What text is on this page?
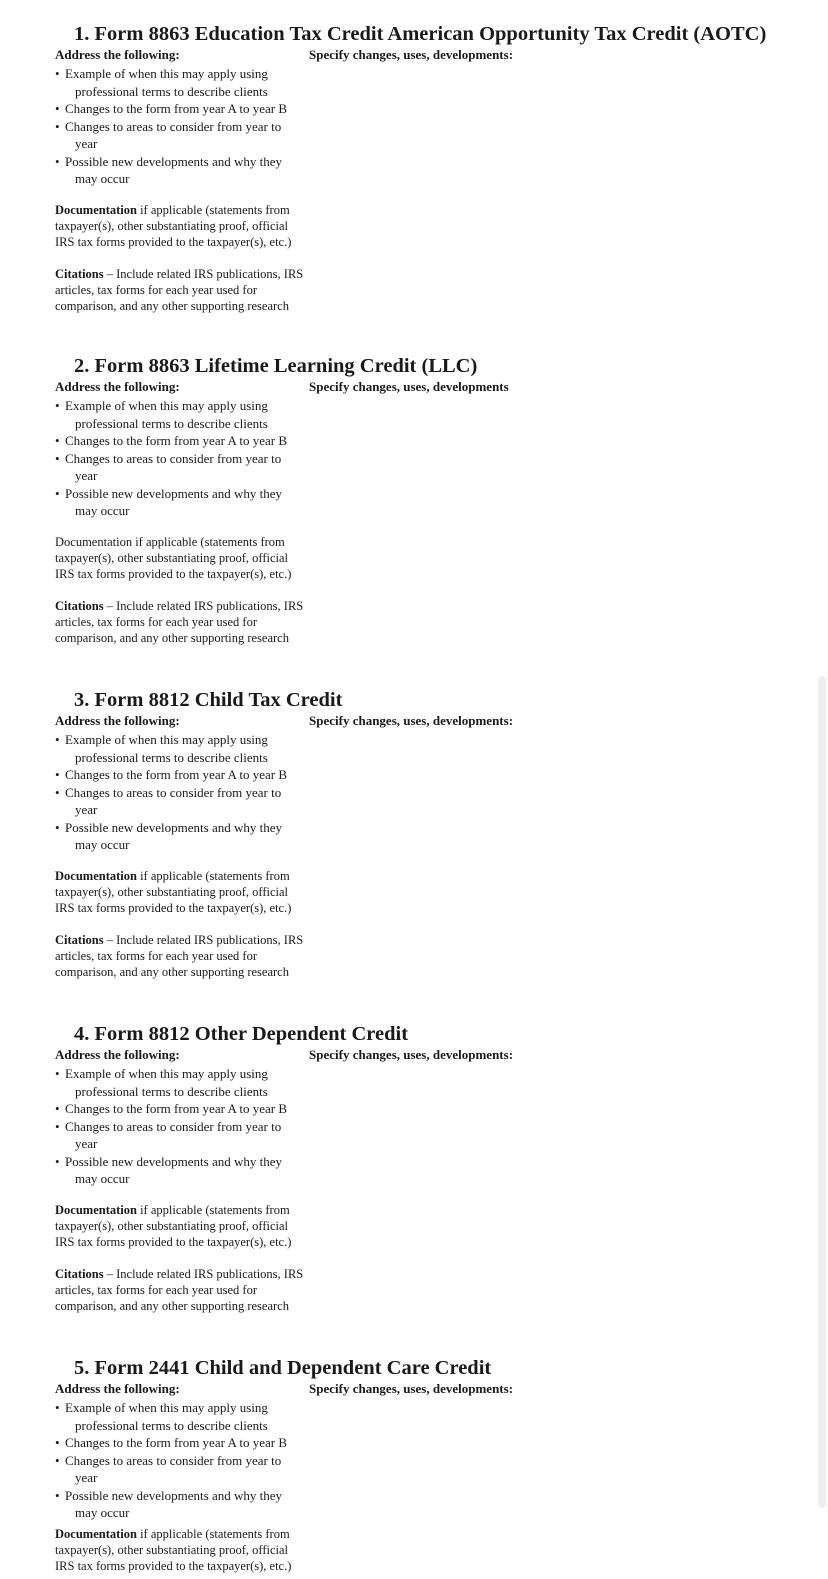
1. Form 8863 Education Tax Credit American Opportunity Tax Credit (AOTC)
Address the following:	Specify changes, uses, developments:
• Example of when this may apply using professional terms to describe clients
• Changes to the form from year A to year B
• Changes to areas to consider from year to year
• Possible new developments and why they may occur
Documentation if applicable (statements from taxpayer(s), other substantiating proof, official IRS tax forms provided to the taxpayer(s), etc.)
Citations – Include related IRS publications, IRS articles, tax forms for each year used for comparison, and any other supporting research
2. Form 8863 Lifetime Learning Credit (LLC)
Address the following:	Specify changes, uses, developments
• Example of when this may apply using professional terms to describe clients
• Changes to the form from year A to year B
• Changes to areas to consider from year to year
• Possible new developments and why they may occur
Documentation if applicable (statements from taxpayer(s), other substantiating proof, official IRS tax forms provided to the taxpayer(s), etc.)
Citations – Include related IRS publications, IRS articles, tax forms for each year used for comparison, and any other supporting research
3. Form 8812 Child Tax Credit
Address the following:	Specify changes, uses, developments:
• Example of when this may apply using professional terms to describe clients
• Changes to the form from year A to year B
• Changes to areas to consider from year to year
• Possible new developments and why they may occur
Documentation if applicable (statements from taxpayer(s), other substantiating proof, official IRS tax forms provided to the taxpayer(s), etc.)
Citations – Include related IRS publications, IRS articles, tax forms for each year used for comparison, and any other supporting research
4. Form 8812 Other Dependent Credit
Address the following:	Specify changes, uses, developments:
• Example of when this may apply using professional terms to describe clients
• Changes to the form from year A to year B
• Changes to areas to consider from year to year
• Possible new developments and why they may occur
Documentation if applicable (statements from taxpayer(s), other substantiating proof, official IRS tax forms provided to the taxpayer(s), etc.)
Citations – Include related IRS publications, IRS articles, tax forms for each year used for comparison, and any other supporting research
5. Form 2441 Child and Dependent Care Credit
Address the following:	Specify changes, uses, developments:
• Example of when this may apply using professional terms to describe clients
• Changes to the form from year A to year B
• Changes to areas to consider from year to year
• Possible new developments and why they may occur
Documentation if applicable (statements from taxpayer(s), other substantiating proof, official IRS tax forms provided to the taxpayer(s), etc.)
